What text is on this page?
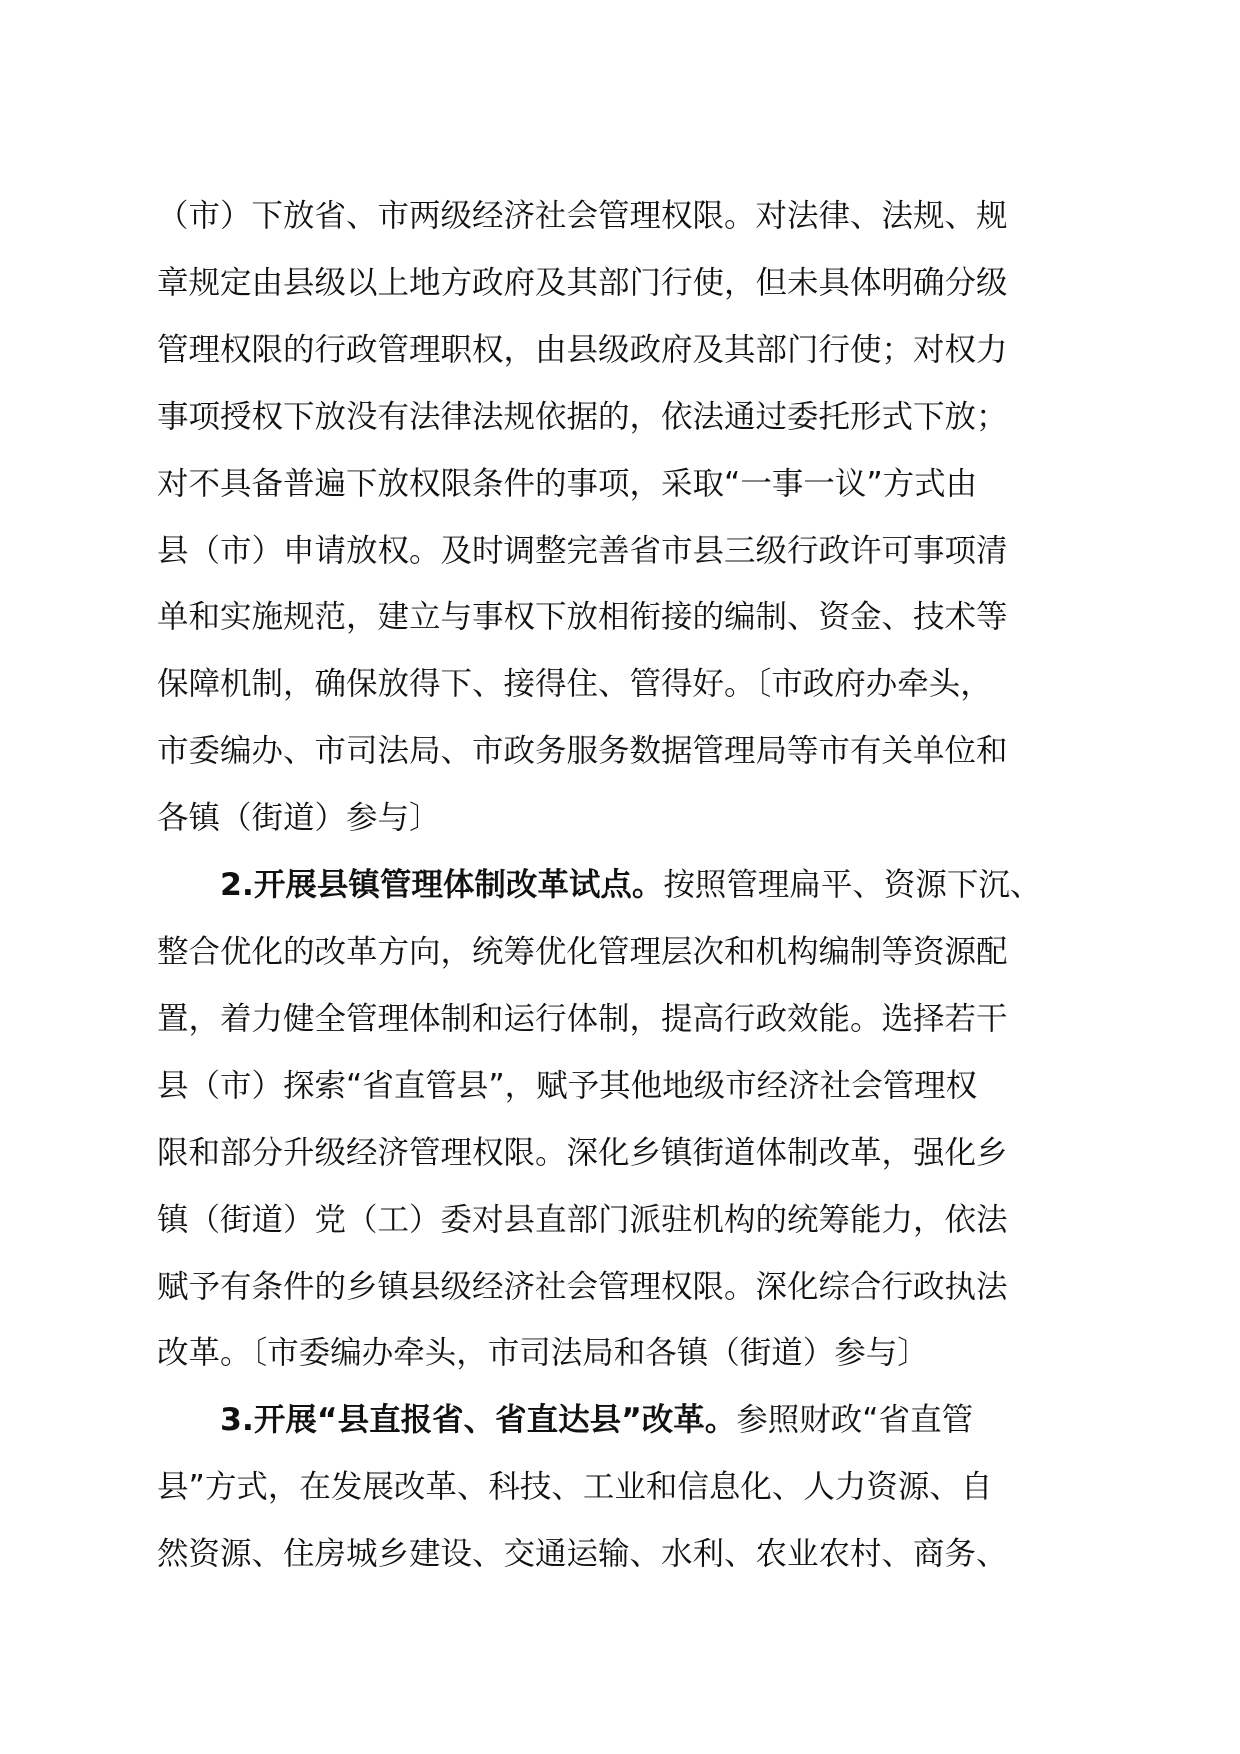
（市）下放省、市两级经济社会管理权限。对法律、法规、规
章规定由县级以上地方政府及其部门行使，但未具体明确分级
管理权限的行政管理职权，由县级政府及其部门行使；对权力
事项授权下放没有法律法规依据的，依法通过委托形式下放；
对不具备普遍下放权限条件的事项，采取“一事一议”方式由
县（市）申请放权。及时调整完善省市县三级行政许可事项清
单和实施规范，建立与事权下放相衔接的编制、资金、技术等
保障机制，确保放得下、接得住、管得好。〔市政府办牵头，
市委编办、市司法局、市政务服务数据管理局等市有关单位和
各镇（街道）参与〕
2.开展县镇管理体制改革试点。按照管理扁平、资源下沉、
整合优化的改革方向，统筹优化管理层次和机构编制等资源配
置，着力健全管理体制和运行体制，提高行政效能。选择若干
县（市）探索“省直管县”，赋予其他地级市经济社会管理权
限和部分升级经济管理权限。深化乡镇街道体制改革，强化乡
镇（街道）党（工）委对县直部门派驻机构的统筹能力，依法
赋予有条件的乡镇县级经济社会管理权限。深化综合行政执法
改革。〔市委编办牵头，市司法局和各镇（街道）参与〕
3.开展“县直报省、省直达县”改革。参照财政“省直管
县”方式，在发展改革、科技、工业和信息化、人力资源、自
然资源、住房城乡建设、交通运输、水利、农业农村、商务、
